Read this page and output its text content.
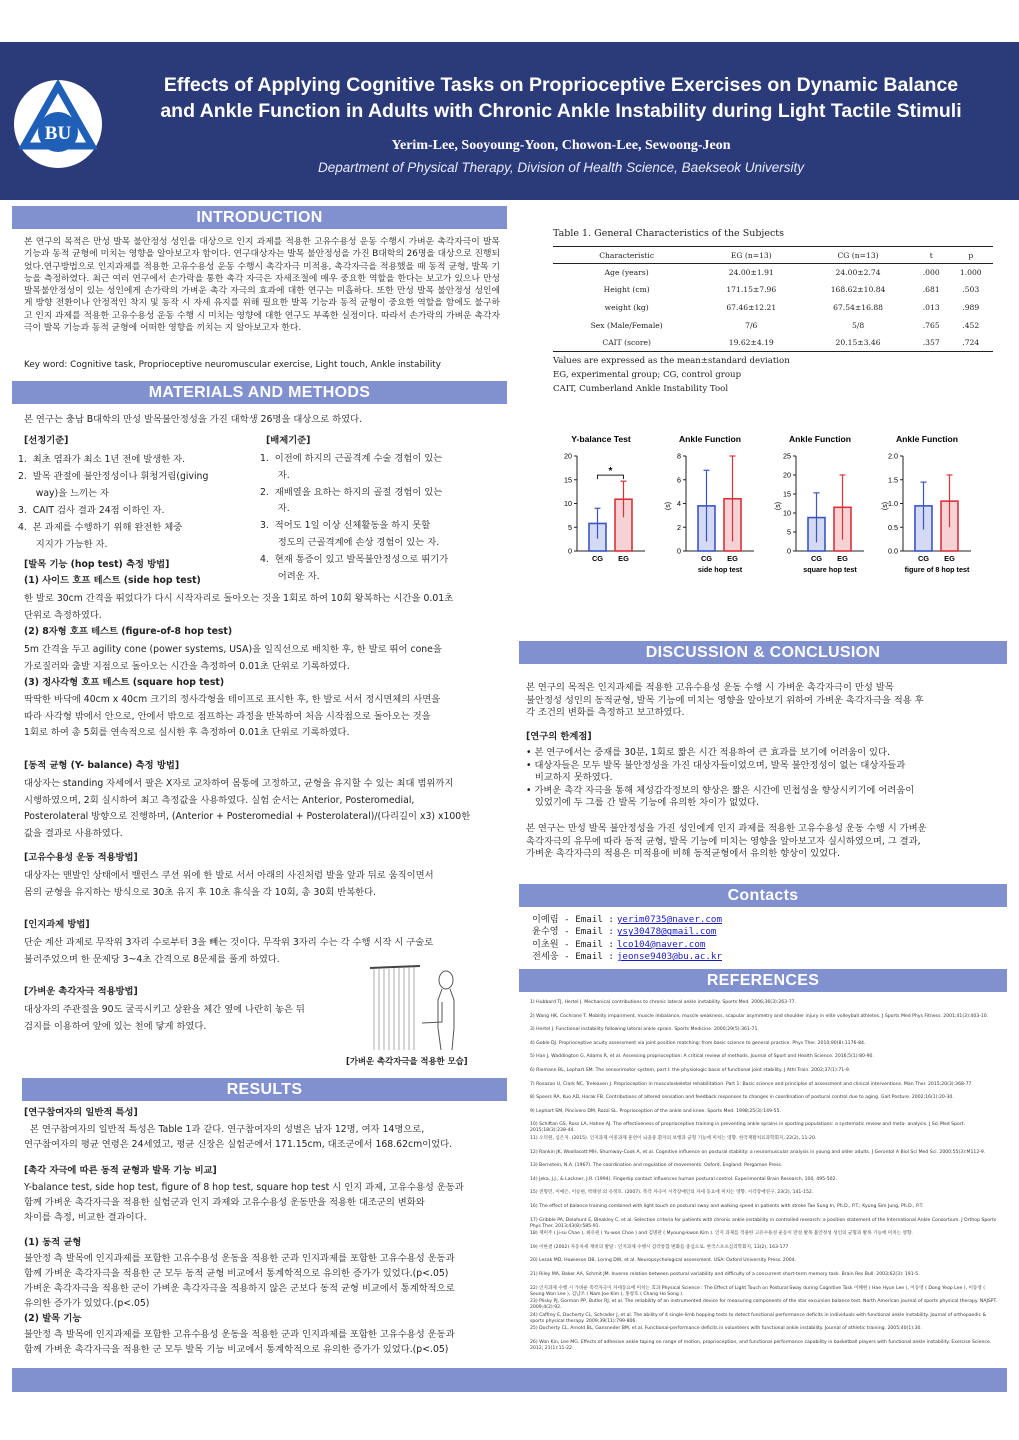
BU
Effects of Applying Cognitive Tasks on Proprioceptive Exercises on Dynamic Balance
and Ankle Function in Adults with Chronic Ankle Instability during Light Tactile Stimuli
Yerim-Lee, Sooyoung-Yoon, Chowon-Lee, Sewoong-Jeon
Department of Physical Therapy, Division of Health Science, Baekseok University
INTRODUCTION
본 연구의 목적은 만성 발목 불안정성 성인을 대상으로 인지 과제를 적용한 고유수용성 운동 수행시 가벼운 촉각자극이 발목 기능과 동적 균형에 미치는 영향을 알아보고자 함이다. 연구대상자는 발목 불안정성을 가진 B대학의 26명을 대상으로 진행되었다.연구방법으로 인지과제를 적용한 고유수용성 운동 수행시 촉각자극 미적용, 촉각자극을 적용했을 때 동적 균형, 발목 기능을 측정하였다. 최근 여러 연구에서 손가락을 통한 촉각 자극은 자세조절에 매우 중요한 역할을 한다는 보고가 있으나 만성 발목불안정성이 있는 성인에게 손가락의 가벼운 촉각 자극의 효과에 대한 연구는 미흡하다. 또한 만성 발목 불안정성 성인에게 방향 전환이나 안정적인 착지 및 동작 시 자세 유지를 위해 필요한 발목 기능과 동적 균형이 중요한 역할을 함에도 불구하고 인지 과제를 적용한 고유수용성 운동 수행 시 미치는 영향에 대한 연구도 부족한 실정이다. 따라서 손가락의 가벼운 촉각자극이 발목 기능과 동적 균형에 어떠한 영향을 끼치는 지 알아보고자 한다.
Key word: Cognitive task, Proprioceptive neuromuscular exercise, Light touch, Ankle instability
MATERIALS AND METHODS
본 연구는 충남 B대학의 만성 발목불안정성을 가진 대학생 26명을 대상으로 하였다.
[선정기준]
1.  최초 염좌가 최소 1년 전에 발생한 자.
2.  발목 관절에 불안정성이나 휘청거림(giving
way)을 느끼는 자
3.  CAIT 검사 결과 24점 이하인 자.
4.  본 과제를 수행하기 위해 완전한 체중
지지가 가능한 자.
[배제기준]
1.  이전에 하지의 근골격계 수술 경험이 있는
자.
2.  재배열을 요하는 하지의 골절 경험이 있는
자.
3.  적어도 1일 이상 신체활동을 하지 못할
정도의 근골격계에 손상 경험이 있는 자.
4.  현재 통증이 있고 발목불안정성으로 뛰기가
어려운 자.
[발목 기능 (hop test) 측정 방법]
(1) 사이드 호프 테스트 (side hop test)
한 발로 30cm 간격을 뛰었다가 다시 시작자리로 돌아오는 것을 1회로 하여 10회 왕복하는 시간을 0.01초
단위로 측정하였다.
(2) 8자형 호프 테스트 (figure-of-8 hop test)
5m 간격을 두고 agility cone (power systems, USA)을 일직선으로 배치한 후, 한 발로 뛰어 cone을
가로질러와 출발 지점으로 돌아오는 시간을 측정하여 0.01초 단위로 기록하였다.
(3) 정사각형 호프 테스트 (square hop test)
딱딱한 바닥에 40cm x 40cm 크기의 정사각형을 테이프로 표시한 후, 한 발로 서서 정시면체의 사면을
따라 사각형 밖에서 안으로, 안에서 밖으로 점프하는 과정을 반복하여 처음 시작점으로 돌아오는 것을
1회로 하여 총 5회를 연속적으로 실시한 후 측정하여 0.01초 단위로 기록하였다.
[동적 균형 (Y- balance) 측정 방법]
대상자는 standing 자세에서 팔은 X자로 교차하여 몸통에 고정하고, 균형을 유지할 수 있는 최대 범위까지
시행하였으며, 2회 실시하여 최고 측정값을 사용하였다. 실험 순서는 Anterior, Posteromedial,
Posterolateral 방향으로 진행하며, (Anterior + Posteromedial + Posterolateral)/(다리길이 x3) x100한
값을 결과로 사용하였다.
[고유수용성 운동 적용방법]
대상자는 맨발인 상태에서 밸런스 쿠션 위에 한 발로 서서 아래의 사진처럼 발을 앞과 뒤로 움직이면서
몸의 균형을 유지하는 방식으로 30초 유지 후 10초 휴식을 각 10회, 총 30회 반복한다.
[인지과제 방법]
단순 계산 과제로 무작위 3자리 수로부터 3을 빼는 것이다. 무작위 3자리 수는 각 수행 시작 시 구술로
불러주었으며 한 문제당 3~4초 간격으로 8문제를 풀게 하였다.
[가벼운 촉각자극 적용방법]
대상자의 주관절을 90도 굴곡시키고 상완을 체간 옆에 나란히 놓은 뒤
검지를 이용하여 앞에 있는 천에 닿게 하였다.
[가벼운 촉각자극을 적용한 모습]
RESULTS
[연구참여자의 일반적 특성]
본 연구참여자의 일반적 특성은 Table 1과 같다. 연구참여자의 성별은 남자 12명, 여자 14명으로,
연구참여자의 평균 연령은 24세였고, 평균 신장은 실험군에서 171.15cm, 대조군에서 168.62cm이었다.
[촉각 자극에 따른 동적 균형과 발목 기능 비교]
Y-balance test, side hop test, figure of 8 hop test, square hop test 시 인지 과제, 고유수용성 운동과
함께 가벼운 촉각자극을 적용한 실험군과 인지 과제와 고유수용성 운동만을 적용한 대조군의 변화와
차이를 측정, 비교한 결과이다.
(1) 동적 균형
불안정 측 발목에 인지과제를 포함한 고유수용성 운동을 적용한 군과 인지과제를 포함한 고유수용성 운동과
함께 가벼운 촉각자극을 적용한 군 모두 동적 균형 비교에서 통계학적으로 유의한 증가가 있었다.(p<.05)
가벼운 촉각자극을 적용한 군이 가벼운 촉각자극을 적용하지 않은 군보다 동적 균형 비교에서 통계학적으로
유의한 증가가 있었다.(p<.05)
(2) 발목 기능
불안정 측 발목에 인지과제를 포함한 고유수용성 운동을 적용한 군과 인지과제를 포함한 고유수용성 운동과
함께 가벼운 촉각자극을 적용한 군 모두 발목 기능 비교에서 통계학적으로 유의한 증가가 있었다.(p<.05)
Table 1. General Characteristics of the Subjects
Characteristic	EG (n=13)	CG (n=13)	t	p
Age (years)	24.00±1.91	24.00±2.74	.000	1.000
Height (cm)	171.15±7.96	168.62±10.84	.681	.503
weight (kg)	67.46±12.21	67.54±16.88	.013	.989
Sex (Male/Female)	7/6	5/8	.765	.452
CAIT (score)	19.62±4.19	20.15±3.46	.357	.724
Values are expressed as the mean±standard deviation
EG, experimental group; CG, control group
CAIT, Cumberland Ankle Instability Tool
Y-balance Test
0
5
10
15
20
CG EG
*
Ankle Function
0
2
4
6
8
(s)
CG EG
side hop test
Ankle Function
0
5
10
15
20
25
(s)
CG EG
square hop test
Ankle Function
0.0
0.5
1.0
1.5
2.0
(s)
CG EG
figure of 8 hop test
DISCUSSION & CONCLUSION
본 연구의 목적은 인지과제를 적용한 고유수용성 운동 수행 시 가벼운 촉각자극이 만성 발목
불안정성 성인의 동적균형, 발목 기능에 미치는 영향을 알아보기 위하여 가벼운 촉각자극을 적용 후
각 조건의 변화를 측정하고 보고하였다.
[연구의 한계점]
• 본 연구에서는 중재를 30분, 1회로 짧은 시간 적용하여 큰 효과를 보기에 어려움이 있다.
• 대상자들은 모두 발목 불안정성을 가진 대상자들이었으며, 발목 불안정성이 없는 대상자들과
비교하지 못하였다.
• 가벼운 촉각 자극을 통해 체성감각정보의 향상은 짧은 시간에 민첩성을 향상시키기에 어려움이
있었기에 두 그룹 간 발목 기능에 유의한 차이가 없었다.
본 연구는 만성 발목 불안정성을 가진 성인에게 인지 과제를 적용한 고유수용성 운동 수행 시 가벼운
촉각자극의 유무에 따라 동적 균형, 발목 기능에 미치는 영향을 알아보고자 실시하였으며, 그 결과,
가벼운 촉각자극의 적용은 미적용에 비해 동적균형에서 유의한 향상이 있었다.
Contacts
이예림 - Email : yerim0735@naver.com
윤수영 - Email : ysy30478@gmail.com
이초원 - Email : lco104@naver.com
전세웅 - Email : jeonse9403@bu.ac.kr
REFERENCES
1) Hubbard TJ, Hertel J. Mechanical contributions to chronic lateral ankle instability. Sports Med. 2006;36(3):263-77.
2) Wang HK, Cochrane T. Mobility impairment, muscle imbalance, muscle weakness, scapular asymmetry and shoulder injury in elite volleyball athletes. J Sports Med Phys Fitness. 2001;41(3):403-10.
3) Hertel J. Functional instability following lateral ankle sprain. Sports Medicine. 2000;29(5):361-71.
4) Goble DJ. Proprioceptive acuity assessment via joint position matching: from basic science to general practice. Phys Ther. 2010;90(8):1176-84.
5) Han J, Waddington G, Adams R, et al. Assessing proprioception: A critical review of methods. Journal of Sport and Health Science. 2016;5(1):80-90.
6) Riemann BL, Lephart SM. The sensorimotor system, part I: the physiologic basis of functional joint stability. J Athl Train. 2002;37(1):71-9.
7) Rosazon U, Clark NC, Treleaven J. Proprioception in musculoskeletal rehabilitation. Part 1: Basic science and principles of assessment and clinical interventions. Man Ther. 2015;20(3):368-77.
8) Speers RA, Kuo AD, Horak FB. Contributions of altered sensation and feedback responses to changes in coordination of postural control due to aging. Gait Posture. 2002;16(1):20-30.
9) Lephart SM, Pincivero DM, Rozzi SL. Proprioception of the ankle and knee. Sports Med. 1998;25(3):149-55.
10) Schiftan GS, Ross LA, Hahne AJ. The effectiveness of proprioceptive training in preventing ankle sprains in sporting populations: a systematic review and meta- analysis. J Sci Med Sport. 2015;18(3):238-44.
11) 오덕원, 심은지. (2015). 인지과제 이중과제 훈련이 뇌졸중 환자의 보행과 균형 기능에 미치는 영향. 한국재활치료과학회지, 22(2), 11-20.
12) Rankin JK, Woollacott MH, Shumway-Cook A, et al. Cognitive influence on postural stability: a neuromuscular analysis in young and older adults. J Gerontol A Biol Sci Med Sci. 2000;55(3):M112-9.
13) Bernstein, N.A. (1967). The coordination and regulation of movements. Oxford, England: Pergamon Press.
14) Jeka, J.J., & Lackner, J.R. (1994). Fingertip contact influences human postural control. Experimental Brain Research, 100, 495-502.
15) 전형민, 이예은, 이승현, 박태성 외 유정호. (2007). 촉각 자극이 시각장애인의 자세 동요에 미치는 영향. 시각장애연구, 23(2), 141-152.
16) The effect of balance training combined with light touch on postural sway and walking speed in patients with stroke Tae Sung In, Ph.D., P.T.; Kyung Sim Jung, Ph.D., P.T.
17) Gribble PA, Delahunt E, Bleakley C, et al. Selection criteria for patients with chronic ankle instability in controlled research: a position statement of the International Ankle Consortium. J Orthop Sports Phys Ther. 2013;43(8):585-91.
18) 재미주 ( Ji-su Chae ), 최유원 ( Yu-won Choe ) and 김명관 ( Myoung-kwon Kim ). 인지 과제를 적용한 고유수용성 운동이 만성 발목 불안정성 성인의 균형과 발목 기능에 미치는 영향.
19) 이한결 (2002) 자동차세 재비의 발달 : 인지과제 수행시 감각통합 변화를 중심으로. 한국스포츠심리학회지, 13(2), 163-177
20) Lezak MD, Howieson DB, Loring DW, et al. Neuropsychological assessment. USA: Oxford University Press. 2004.
21) Riley MA, Baker AA, Schmit JM. Inverse relation between postural variability and difficulty of a concurrent short-term memory task. Brain Res Bull. 2003;62(3): 191-5.
22) 인지과제 수행 시 가벼운 촉각자극이 자세동요에 미치는 효과 Physical Science : The Effect of Light Touch on Postural Sway during Cognitive Task 이해현 ( Hae Hyun Lee ), 이동영 ( Dong Yeop Lee ), 이동영 ( Seung Won Lee ), 김남조 ( Nam Joe Kim ), 홍창호 ( Chang Ho Song ).
23) Plisky PJ, Gorman PP, Butler RJ, et al. The reliability of an instrumented device for measuring components of the star excursion balance test. North American journal of sports physical therapy. NAJSPT. 2009;4(2):92.
24) Caffrey E, Docherty CL, Schrader J, et al. The ability of 4 single-limb hopping tests to detect functional performance deficits in individuals with functional ankle instability. Journal of orthopaedic & sports physical therapy. 2009;39(11):799-806.
25) Docherty CL, Arnold BL, Gansneder BM, et al. Functional-performance deficits in volunteers with functional ankle instability. Journal of athletic training. 2005;40(1):30.
26) Won Kin, Lee MG. Effects of adhesive ankle taping on range of motion, proprioception, and functional performance capability in basketball players with functional ankle instability. Exercise Science. 2012; 21(1):11-22.
